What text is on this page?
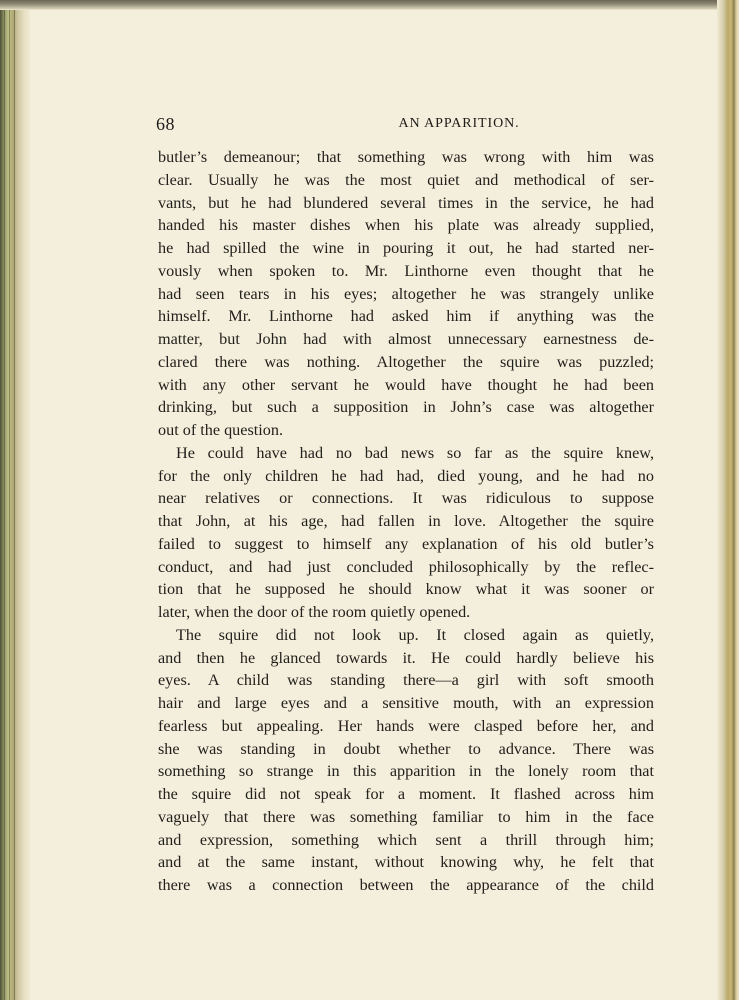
68	AN APPARITION.
butler’s demeanour; that something was wrong with him was
clear. Usually he was the most quiet and methodical of ser-
vants, but he had blundered several times in the service, he had
handed his master dishes when his plate was already supplied,
he had spilled the wine in pouring it out, he had started ner-
vously when spoken to. Mr. Linthorne even thought that he
had seen tears in his eyes; altogether he was strangely unlike
himself. Mr. Linthorne had asked him if anything was the
matter, but John had with almost unnecessary earnestness de-
clared there was nothing. Altogether the squire was puzzled;
with any other servant he would have thought he had been
drinking, but such a supposition in John’s case was altogether
out of the question.
He could have had no bad news so far as the squire knew,
for the only children he had had, died young, and he had no
near relatives or connections. It was ridiculous to suppose
that John, at his age, had fallen in love. Altogether the squire
failed to suggest to himself any explanation of his old butler’s
conduct, and had just concluded philosophically by the reflec-
tion that he supposed he should know what it was sooner or
later, when the door of the room quietly opened.
The squire did not look up. It closed again as quietly,
and then he glanced towards it. He could hardly believe his
eyes. A child was standing there—a girl with soft smooth
hair and large eyes and a sensitive mouth, with an expression
fearless but appealing. Her hands were clasped before her, and
she was standing in doubt whether to advance. There was
something so strange in this apparition in the lonely room that
the squire did not speak for a moment. It flashed across him
vaguely that there was something familiar to him in the face
and expression, something which sent a thrill through him;
and at the same instant, without knowing why, he felt that
there was a connection between the appearance of the child
